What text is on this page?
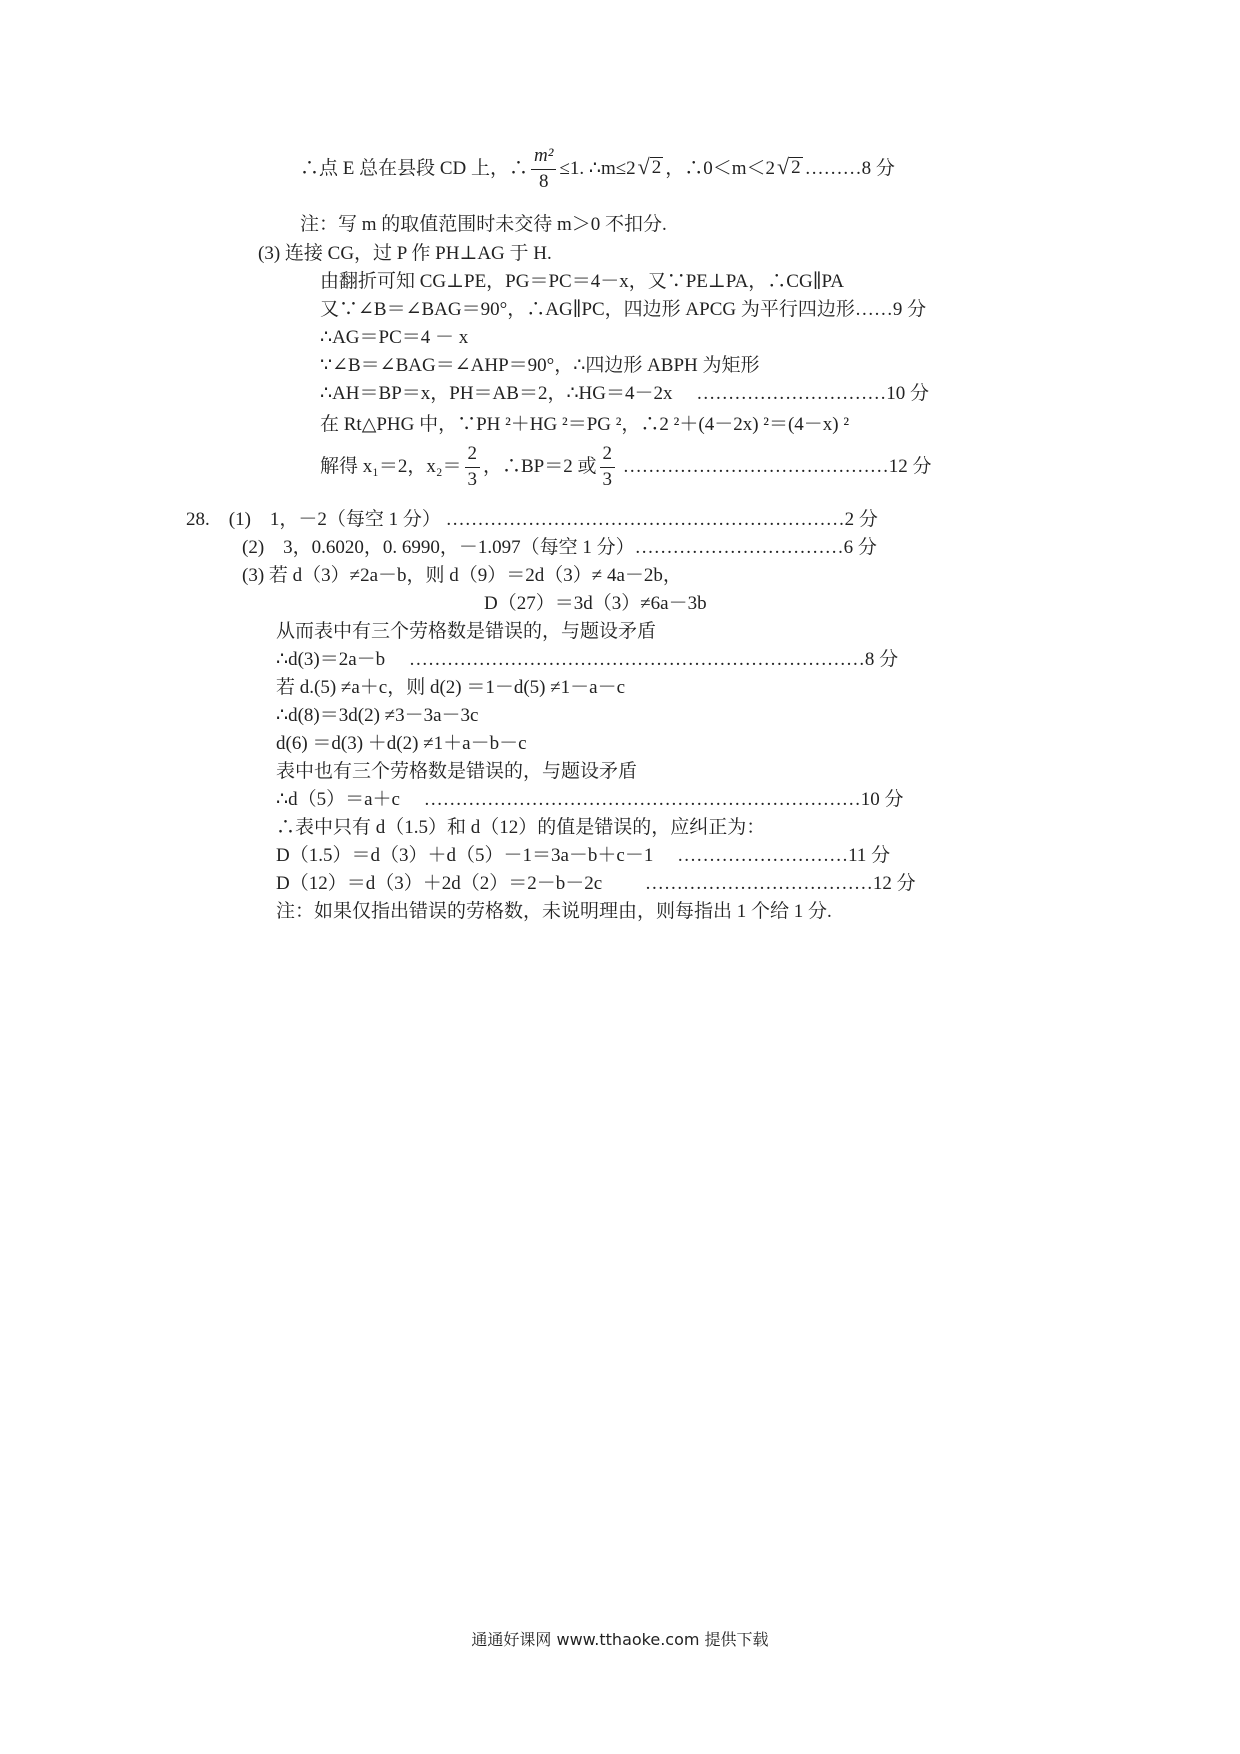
∴点 E 总在县段 CD 上，∴ $\frac{\text{m²}}{8} \le 1$. ∴m≤2 √ 2 ，∴0＜m＜2 √ 2 ………8 分
注：写 m 的取值范围时未交待 m＞0 不扣分.
(3) 连接 CG，过 P 作 PH⊥AG 于 H.
由翻折可知 CG⊥PE，PG＝PC＝4－x，又∵PE⊥PA，∴CG∥PA
又∵∠B＝∠BAG＝90°，∴AG∥PC，四边形 APCG 为平行四边形……9 分
∴AG＝PC＝4 － x
∵∠B＝∠BAG＝∠AHP＝90°，∴四边形 ABPH 为矩形
∴AH＝BP＝x，PH＝AB＝2，∴HG＝4－2x　 …………………………10 分
在 Rt△PHG 中，∵PH ²＋HG ²＝PG ²，∴2 ²＋(4－2x) ²＝(4－x) ²
解得 x₁＝2，$x_2= \frac{2}{3}$ ，∴BP＝2 或 $\frac{2}{3}$ ……………………………………12 分
28.　(1)　1，－2（每空 1 分） ………………………………………………………2 分
(2)　3，0.6020，0. 6990，－1.097（每空 1 分）……………………………6 分
(3) 若 d（3）≠2a－b，则 d（9）＝2d（3）≠ 4a－2b，
D（27）＝3d（3）≠6a－3b
从而表中有三个劳格数是错误的，与题设矛盾
∴d(3)＝2a－b　 ………………………………………………………………8 分
若 d.(5) ≠a＋c，则 d(2) ＝1－d(5) ≠1－a－c
∴d(8)＝3d(2) ≠3－3a－3c
d(6) ＝d(3) ＋d(2) ≠1＋a－b－c
表中也有三个劳格数是错误的，与题设矛盾
∴d（5）＝a＋c　 ……………………………………………………………10 分
∴表中只有 d（1.5）和 d（12）的值是错误的，应纠正为：
D（1.5）＝d（3）＋d（5）－1＝3a－b＋c－1　 ………………………11 分
D（12）＝d（3）＋2d（2）＝2－b－2c　　 ………………………………12 分
注：如果仅指出错误的劳格数，未说明理由，则每指出 1 个给 1 分.
通通好课网 www.tthaoke.com 提供下载
